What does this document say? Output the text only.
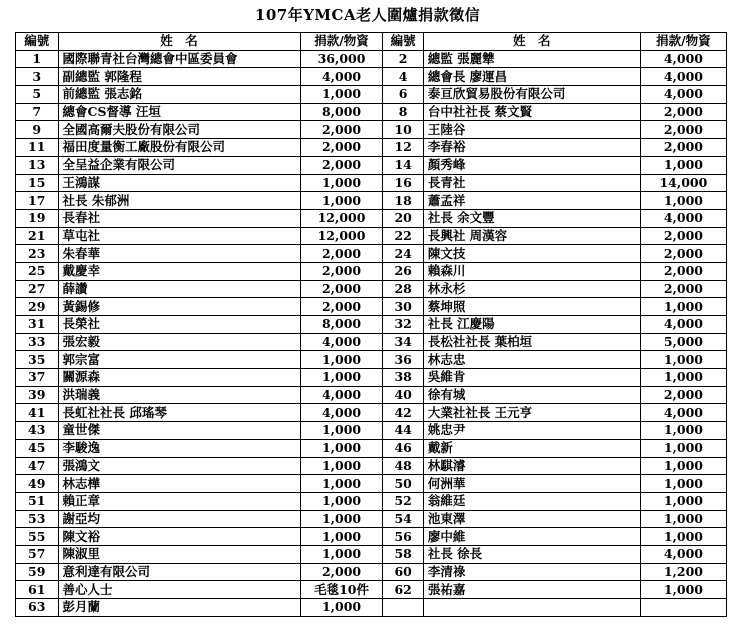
107年YMCA老人圍爐捐款徵信
編號	姓　名	捐款/物資	編號	姓　名	捐款/物資
1	國際聯青社台灣總會中區委員會	36,000	2	總監 張麗犨	4,000
3	副總監 郭隆程	4,000	4	總會長 廖運昌	4,000
5	前總監 張志銘	1,000	6	泰亘欣貿易股份有限公司	4,000
7	總會CS督導 汪垣	8,000	8	台中社社長 蔡文賢	2,000
9	全國高爾夫股份有限公司	2,000	10	王陸谷	2,000
11	福田度量衡工廠股份有限公司	2,000	12	李春裕	2,000
13	全呈益企業有限公司	2,000	14	顏秀峰	1,000
15	王鴻謀	1,000	16	長青社	14,000
17	社長 朱郁洲	1,000	18	蕭孟祥	1,000
19	長春社	12,000	20	社長 余文豐	4,000
21	草屯社	12,000	22	長興社 周漢容	2,000
23	朱春華	2,000	24	陳文技	2,000
25	戴慶幸	2,000	26	賴森川	2,000
27	薛讚	2,000	28	林永杉	2,000
29	黃錫修	2,000	30	蔡坤照	1,000
31	長榮社	8,000	32	社長 江慶陽	4,000
33	張宏毅	4,000	34	長松社社長 葉柏垣	5,000
35	郭宗富	1,000	36	林志忠	1,000
37	關源森	1,000	38	吳維肯	1,000
39	洪瑞義	4,000	40	徐有城	2,000
41	長虹社社長 邱瑤琴	4,000	42	大業社社長 王元亨	4,000
43	童世傑	1,000	44	姚忠尹	1,000
45	李駿逸	1,000	46	戴新	1,000
47	張鴻文	1,000	48	林騏濬	1,000
49	林志樺	1,000	50	何洲華	1,000
51	賴正章	1,000	52	翁維廷	1,000
53	謝亞均	1,000	54	池東澤	1,000
55	陳文裕	1,000	56	廖中維	1,000
57	陳淑里	1,000	58	社長 徐長	4,000
59	意利達有限公司	2,000	60	李清祿	1,200
61	善心人士	毛毯10件	62	張祐嘉	1,000
63	彭月蘭	1,000			
